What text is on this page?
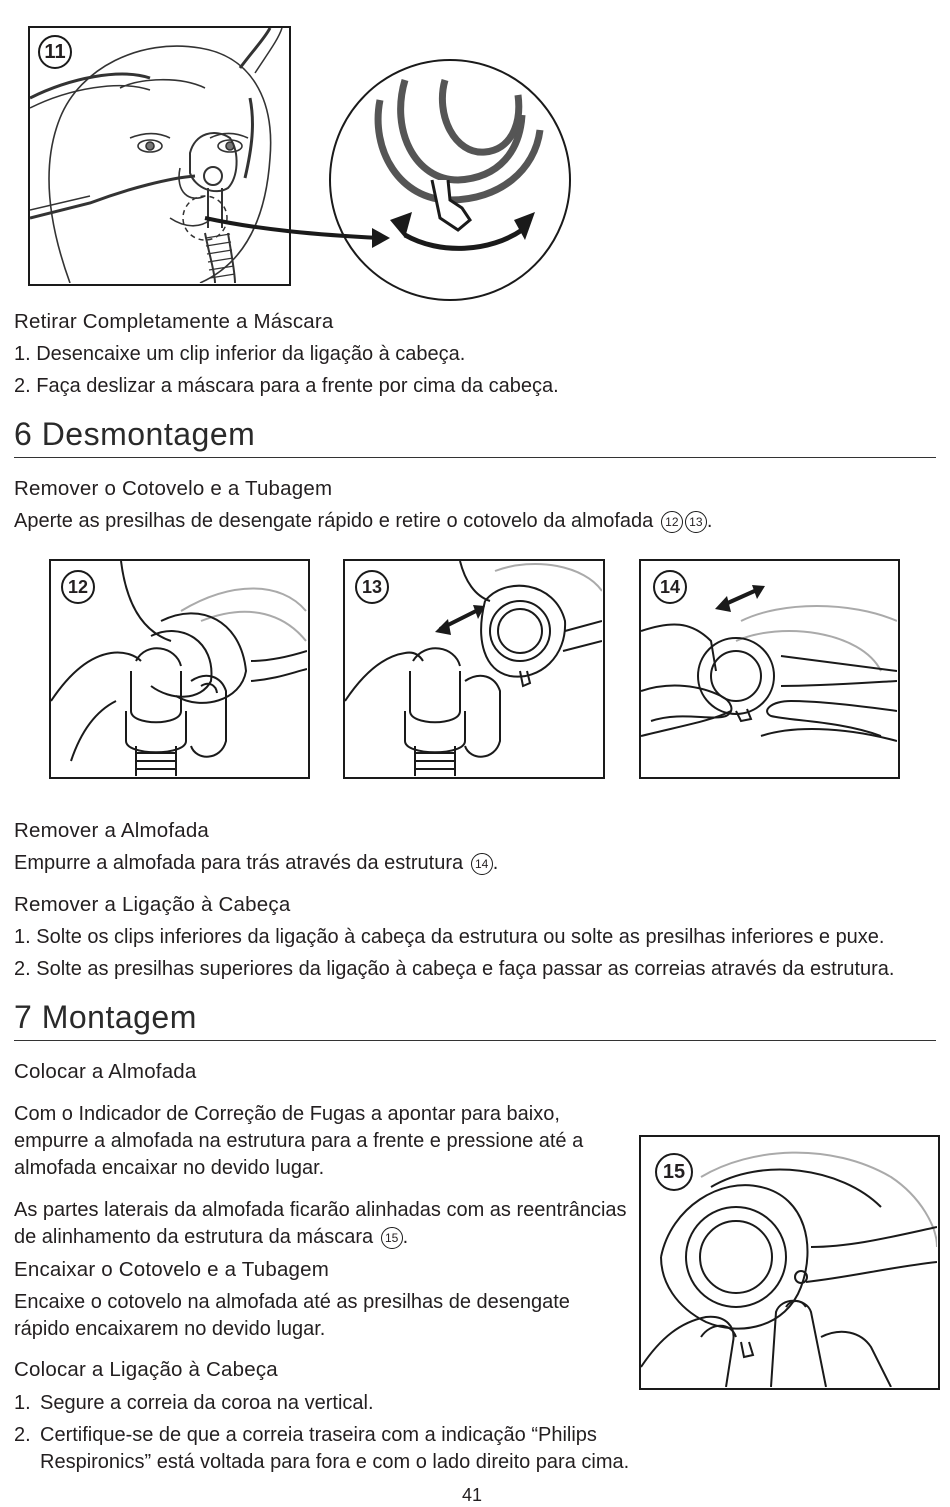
11
Retirar Completamente a Máscara
1. Desencaixe um clip inferior da ligação à cabeça.
2. Faça deslizar a máscara para a frente por cima da cabeça.
6 Desmontagem
Remover o Cotovelo e a Tubagem
Aperte as presilhas de desengate rápido e retire o cotovelo da almofada 12 13 .
12	13	14
Remover a Almofada
Empurre a almofada para trás através da estrutura 14 .
Remover a Ligação à Cabeça
1. Solte os clips inferiores da ligação à cabeça da estrutura ou solte as presilhas inferiores e puxe.
2. Solte as presilhas superiores da ligação à cabeça e faça passar as correias através da estrutura.
7 Montagem
Colocar a Almofada
Com o Indicador de Correção de Fugas a apontar para baixo,
empurre a almofada na estrutura para a frente e pressione até a
almofada encaixar no devido lugar.
As partes laterais da almofada ficarão alinhadas com as reentrâncias
de alinhamento da estrutura da máscara 15 .
Encaixar o Cotovelo e a Tubagem
Encaixe o cotovelo na almofada até as presilhas de desengate
rápido encaixarem no devido lugar.
Colocar a Ligação à Cabeça
1. Segure a correia da coroa na vertical.
2. Certifique-se de que a correia traseira com a indicação “Philips
Respironics” está voltada para fora e com o lado direito para cima.
15
41
